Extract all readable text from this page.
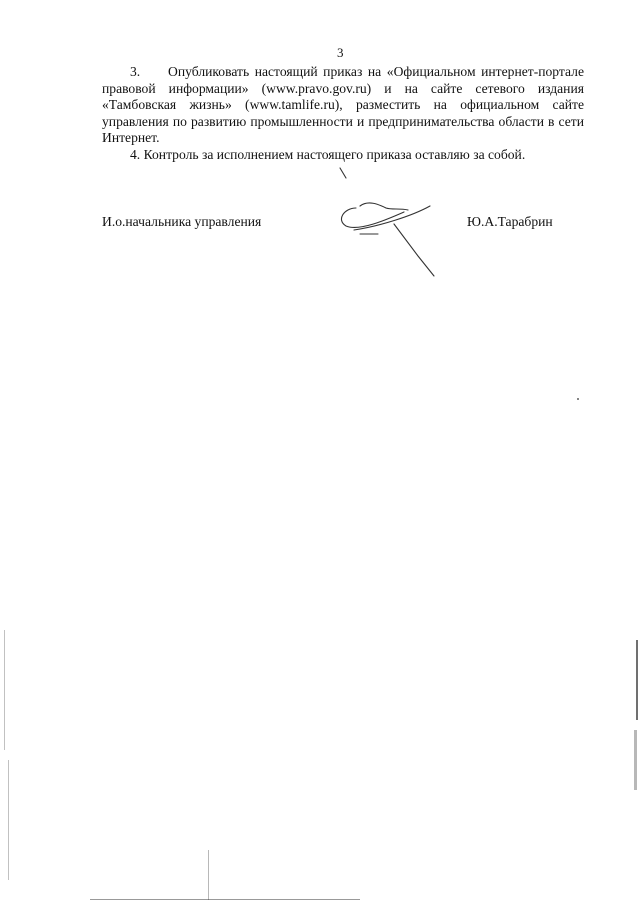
3

3. Опубликовать настоящий приказ на «Официальном интернет-портале правовой информации» (www.pravo.gov.ru) и на сайте сетевого издания «Тамбовская жизнь» (www.tamlife.ru), разместить на официальном сайте управления по развитию промышленности и предпринимательства области в сети Интернет.

4. Контроль за исполнением настоящего приказа оставляю за собой.

И.о.начальника управления	Ю.А.Тарабрин
